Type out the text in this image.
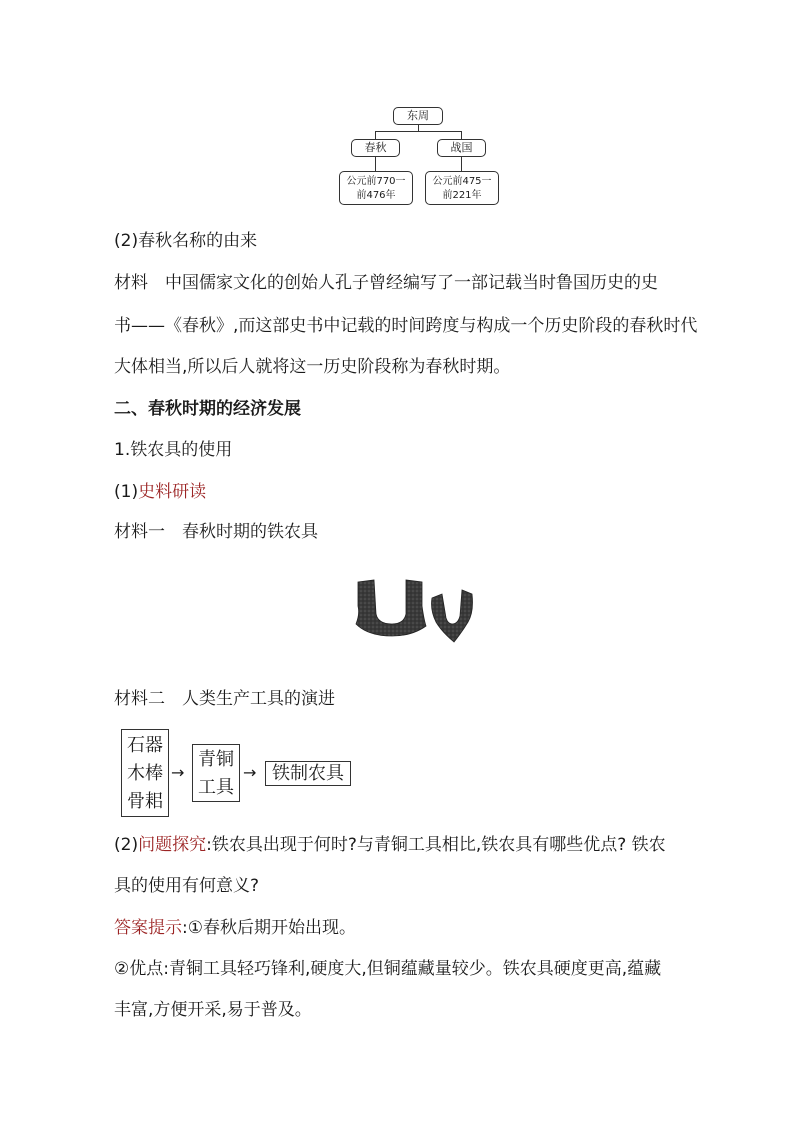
东周
春秋	战国
公元前770一
前476年
公元前475一
前221年
(2)春秋名称的由来
材料　中国儒家文化的创始人孔子曾经编写了一部记载当时鲁国历史的史
书——《春秋》,而这部史书中记载的时间跨度与构成一个历史阶段的春秋时代
大体相当,所以后人就将这一历史阶段称为春秋时期。
二、春秋时期的经济发展
1.铁农具的使用
(1)史料研读
材料一　春秋时期的铁农具
材料二　人类生产工具的演进
石器
木棒
骨耜
→
青铜
工具
→ 铁制农具
(2)问题探究:铁农具出现于何时?与青铜工具相比,铁农具有哪些优点? 铁农
具的使用有何意义?
答案提示:①春秋后期开始出现。
②优点:青铜工具轻巧锋利,硬度大,但铜蕴藏量较少。铁农具硬度更高,蕴藏
丰富,方便开采,易于普及。
